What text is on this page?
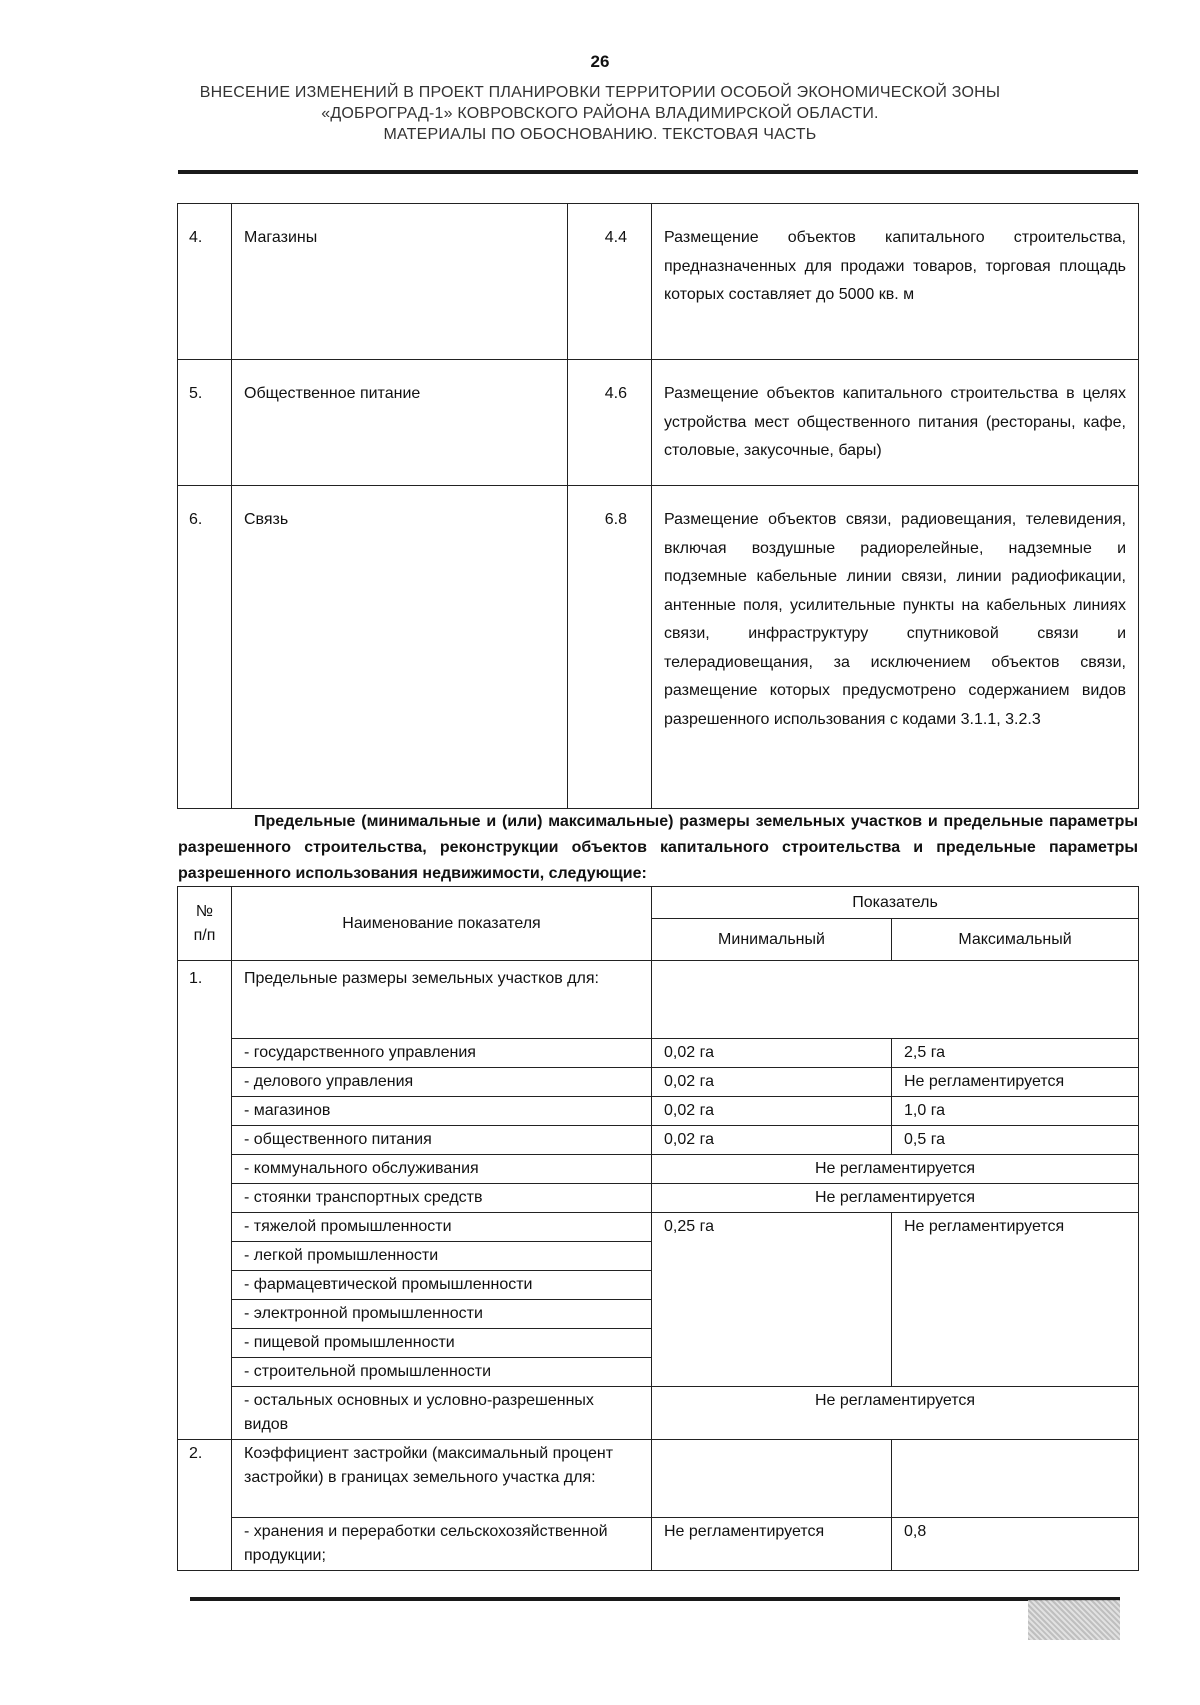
26
ВНЕСЕНИЕ ИЗМЕНЕНИЙ В ПРОЕКТ ПЛАНИРОВКИ ТЕРРИТОРИИ ОСОБОЙ ЭКОНОМИЧЕСКОЙ ЗОНЫ
«ДОБРОГРАД-1» КОВРОВСКОГО РАЙОНА ВЛАДИМИРСКОЙ ОБЛАСТИ.
МАТЕРИАЛЫ ПО ОБОСНОВАНИЮ. ТЕКСТОВАЯ ЧАСТЬ
4.	Магазины	4.4	Размещение объектов капитального строительства, предназначенных для продажи товаров, торговая площадь которых составляет до 5000 кв. м
5.	Общественное питание	4.6	Размещение объектов капитального строительства в целях устройства мест общественного питания (рестораны, кафе, столовые, закусочные, бары)
6.	Связь	6.8	Размещение объектов связи, радиовещания, телевидения, включая воздушные радиорелейные, надземные и подземные кабельные линии связи, линии радиофикации, антенные поля, усилительные пункты на кабельных линиях связи, инфраструктуру спутниковой связи и телерадиовещания, за исключением объектов связи, размещение которых предусмотрено содержанием видов разрешенного использования с кодами 3.1.1, 3.2.3
Предельные (минимальные и (или) максимальные) размеры земельных участков и предельные параметры разрешенного строительства, реконструкции объектов капитального строительства и предельные параметры разрешенного использования недвижимости, следующие:
№ п/п	Наименование показателя	Показатель	
		Минимальный	Максимальный
1.	Предельные размеры земельных участков для:		
	- государственного управления	0,02 га	2,5 га
	- делового управления	0,02 га	Не регламентируется
	- магазинов	0,02 га	1,0 га
	- общественного питания	0,02 га	0,5 га
	- коммунального обслуживания	Не регламентируется	
	- стоянки транспортных средств	Не регламентируется	
	- тяжелой промышленности	0,25 га	Не регламентируется
	- легкой промышленности		
	- фармацевтической промышленности		
	- электронной промышленности		
	- пищевой промышленности		
	- строительной промышленности		
	- остальных основных и условно-разрешенных видов	Не регламентируется	
2.	Коэффициент застройки (максимальный процент застройки) в границах земельного участка для:		
	- хранения и переработки сельскохозяйственной продукции;	Не регламентируется	0,8
